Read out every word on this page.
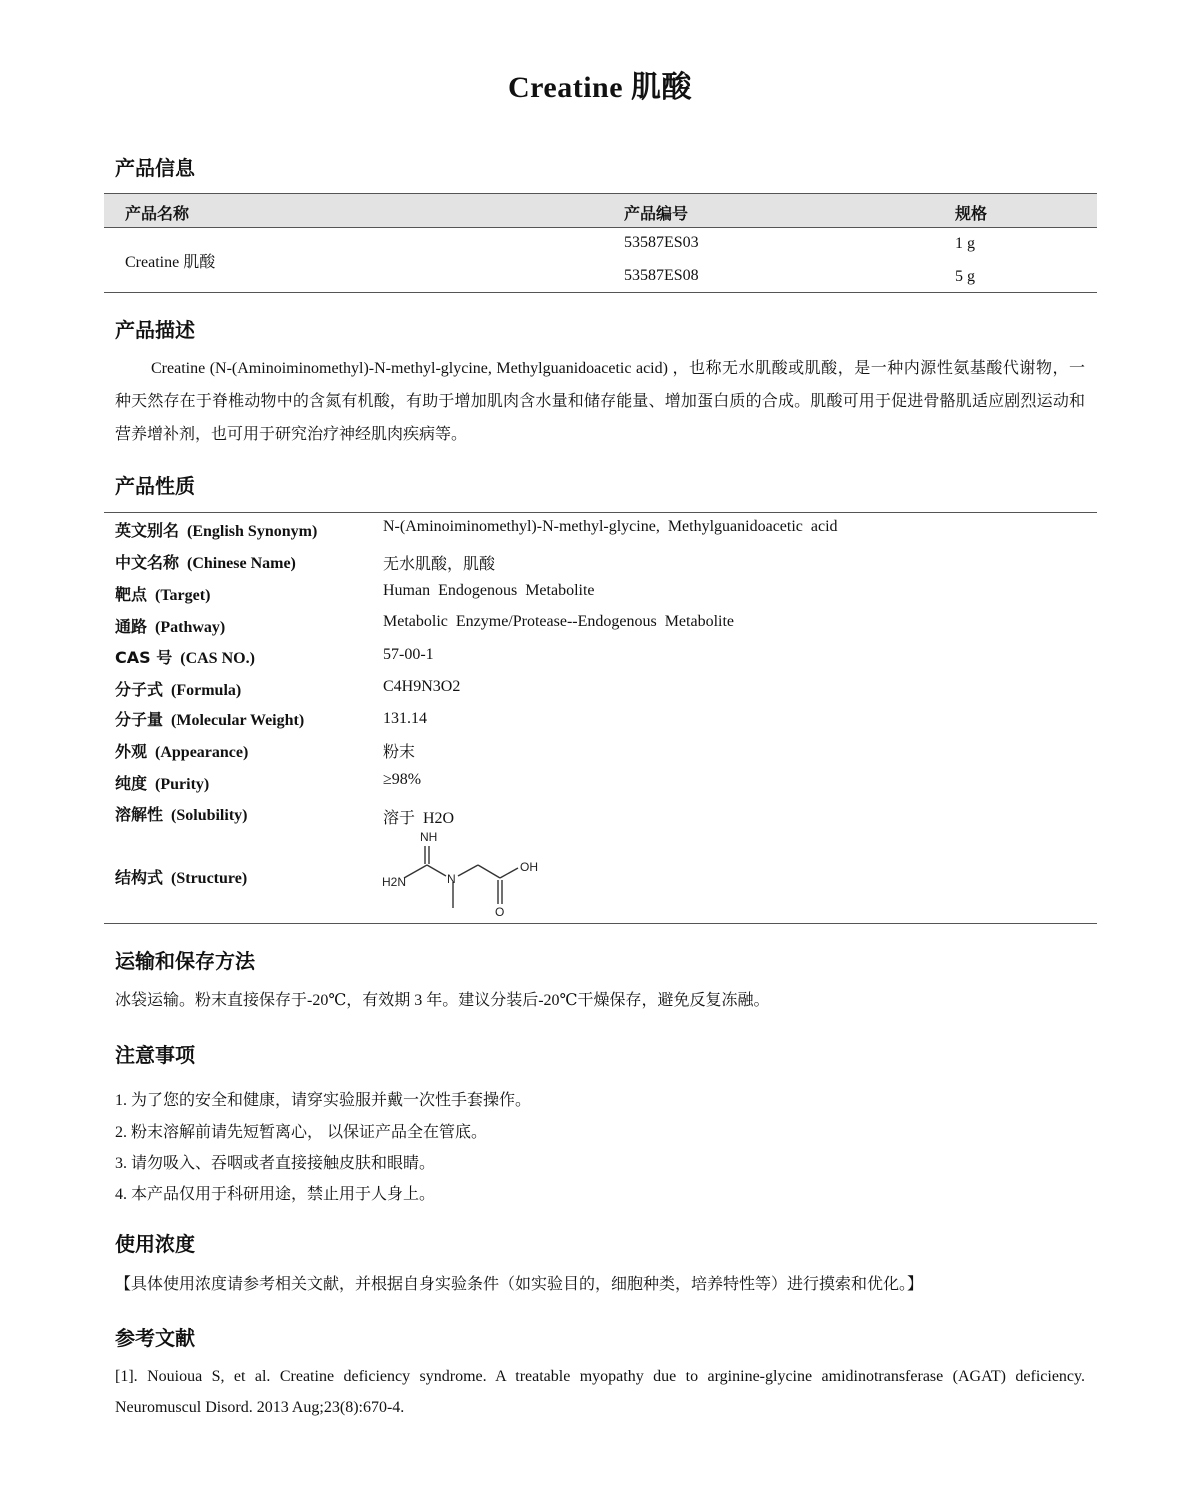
Creatine 肌酸
产品信息
产品名称	产品编号	规格
Creatine 肌酸
53587ES03	1 g
53587ES08	5 g
产品描述
Creatine (N-(Aminoiminomethyl)-N-methyl-glycine, Methylguanidoacetic acid) ，也称无水肌酸或肌酸，是一种内源性氨基酸代谢物，一种天然存在于脊椎动物中的含氮有机酸，有助于增加肌肉含水量和储存能量、增加蛋白质的合成。肌酸可用于促进骨骼肌适应剧烈运动和营养增补剂，也可用于研究治疗神经肌肉疾病等。
产品性质
英文别名 (English Synonym)	N-(Aminoiminomethyl)-N-methyl-glycine, Methylguanidoacetic acid
中文名称 (Chinese Name)	无水肌酸，肌酸
靶点 (Target)	Human Endogenous Metabolite
通路 (Pathway)	Metabolic Enzyme/Protease--Endogenous Metabolite
CAS 号 (CAS NO.)	57-00-1
分子式 (Formula)	C4H9N3O2
分子量 (Molecular Weight)	131.14
外观 (Appearance)	粉末
纯度 (Purity)	≥98%
溶解性 (Solubility)	溶于 H2O
结构式 (Structure)
NH
H2N	N
OH
O
运输和保存方法
冰袋运输。粉末直接保存于-20℃，有效期 3 年。建议分装后-20℃干燥保存，避免反复冻融。
注意事项
1. 为了您的安全和健康，请穿实验服并戴一次性手套操作。
2. 粉末溶解前请先短暂离心， 以保证产品全在管底。
3. 请勿吸入、吞咽或者直接接触皮肤和眼睛。
4. 本产品仅用于科研用途，禁止用于人身上。
使用浓度
【具体使用浓度请参考相关文献，并根据自身实验条件（如实验目的，细胞种类，培养特性等）进行摸索和优化。】
参考文献
[1]. Nouioua S, et al. Creatine deficiency syndrome. A treatable myopathy due to arginine-glycine amidinotransferase (AGAT) deficiency. Neuromuscul Disord. 2013 Aug;23(8):670-4.
